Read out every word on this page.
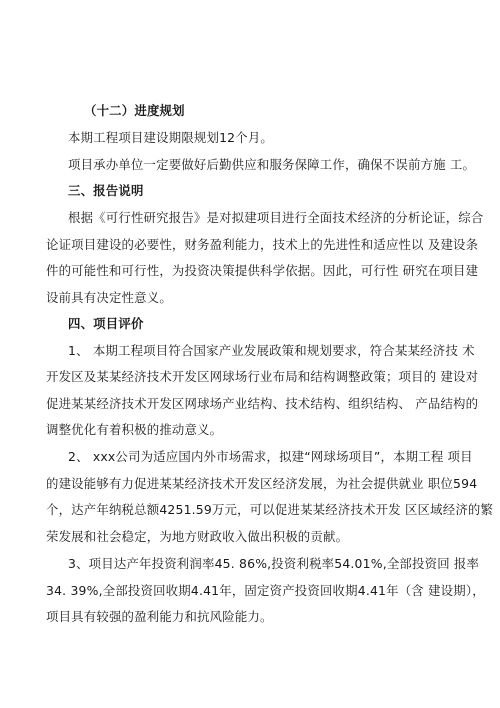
（十二）进度规划
本期工程项目建设期限规划12个月。
项目承办单位一定要做好后勤供应和服务保障工作，确保不误前方施 工。
三、报告说明
根据《可行性研究报告》是对拟建项目进行全面技术经济的分析论证，综合
论证项目建设的必要性，财务盈利能力，技术上的先进性和适应性以 及建设条
件的可能性和可行性，为投资决策提供科学依据。因此，可行性 研究在项目建
设前具有决定性意义。
四、项目评价
1、 本期工程项目符合国家产业发展政策和规划要求，符合某某经济技 术
开发区及某某经济技术开发区网球场行业布局和结构调整政策；项目的 建设对
促进某某经济技术开发区网球场产业结构、技术结构、组织结构、 产品结构的
调整优化有着积极的推动意义。
2、 xxx公司为适应国内外市场需求，拟建“网球场项目”，本期工程 项目
的建设能够有力促进某某经济技术开发区经济发展，为社会提供就业 职位594
个，达产年纳税总额4251.59万元，可以促进某某经济技术开发 区区域经济的繁
荣发展和社会稳定，为地方财政收入做出积极的贡献。
3、项目达产年投资利润率45. 86%,投资利税率54.01%,全部投资回 报率
34. 39%,全部投资回收期4.41年，固定资产投资回收期4.41年（含 建设期），
项目具有较强的盈利能力和抗风险能力。
